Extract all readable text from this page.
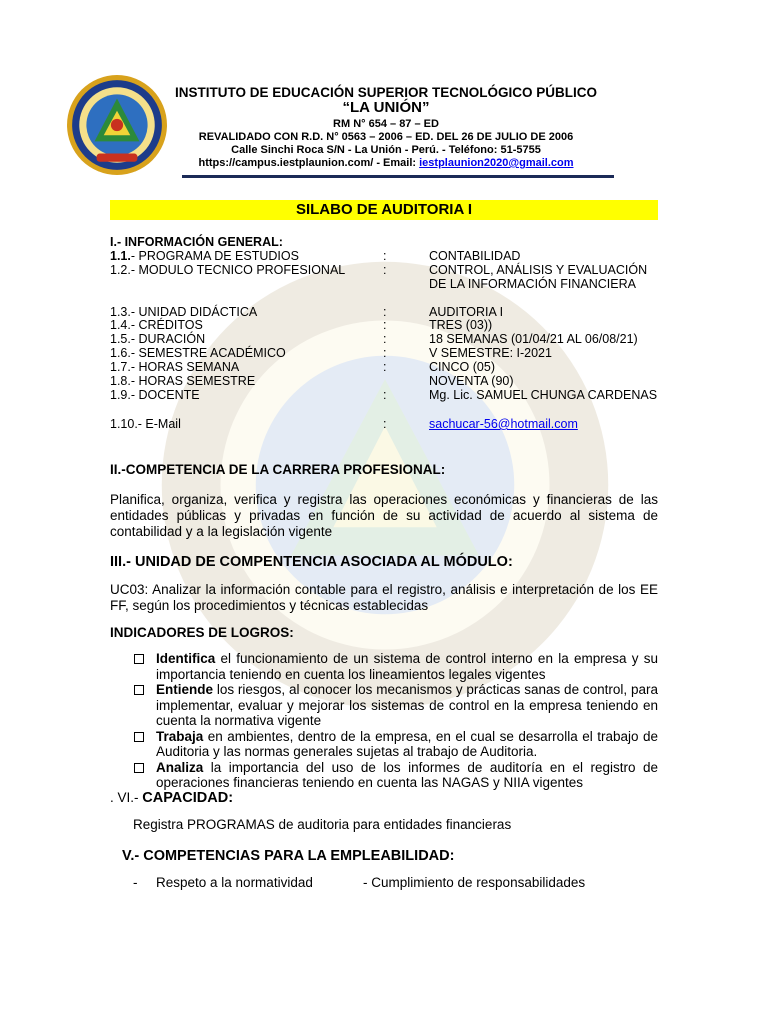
INSTITUTO DE EDUCACIÓN SUPERIOR TECNOLÓGICO PÚBLICO
“LA UNIÓN”
RM N° 654 – 87 – ED
REVALIDADO CON R.D. N° 0563 – 2006 – ED. DEL 26 DE JULIO DE 2006
Calle Sinchi Roca S/N - La Unión - Perú. - Teléfono: 51-5755
https://campus.iestplaunion.com/ - Email: iestplaunion2020@gmail.com
SILABO DE AUDITORIA I
I.- INFORMACIÓN GENERAL:
1.1.- PROGRAMA DE ESTUDIOS	:	CONTABILIDAD
1.2.- MODULO TECNICO PROFESIONAL	:	CONTROL, ANÁLISIS Y EVALUACIÓN DE LA INFORMACIÓN FINANCIERA
1.3.- UNIDAD DIDÁCTICA	:	AUDITORIA I
1.4.- CRÉDITOS	:	TRES (03))
1.5.- DURACIÓN	:	18 SEMANAS (01/04/21 AL 06/08/21)
1.6.- SEMESTRE ACADÉMICO	:	V SEMESTRE: I-2021
1.7.- HORAS SEMANA	:	CINCO (05)
1.8.- HORAS SEMESTRE	NOVENTA (90)
1.9.- DOCENTE	:	Mg. Lic. SAMUEL CHUNGA CARDENAS
1.10.- E-Mail	:	sachucar-56@hotmail.com
II.-COMPETENCIA DE LA CARRERA PROFESIONAL:
Planifica, organiza, verifica y registra las operaciones económicas y financieras de las entidades públicas y privadas en función de su actividad de acuerdo al sistema de contabilidad y a la legislación vigente
III.- UNIDAD DE COMPENTENCIA ASOCIADA AL MÓDULO:
UC03: Analizar la información contable para el registro, análisis e interpretación de los EE FF, según los procedimientos y técnicas establecidas
INDICADORES DE LOGROS:
Identifica el funcionamiento de un sistema de control interno en la empresa y su importancia teniendo en cuenta los lineamientos legales vigentes
Entiende los riesgos, al conocer los mecanismos y prácticas sanas de control, para implementar, evaluar y mejorar los sistemas de control en la empresa teniendo en cuenta la normativa vigente
Trabaja en ambientes, dentro de la empresa, en el cual se desarrolla el trabajo de Auditoria y las normas generales sujetas al trabajo de Auditoria.
Analiza la importancia del uso de los informes de auditoría en el registro de operaciones financieras teniendo en cuenta las NAGAS y NIIA vigentes
. VI.- CAPACIDAD:
Registra PROGRAMAS de auditoria para entidades financieras
V.- COMPETENCIAS PARA LA EMPLEABILIDAD:
- Respeto a la normatividad	- Cumplimiento de responsabilidades
